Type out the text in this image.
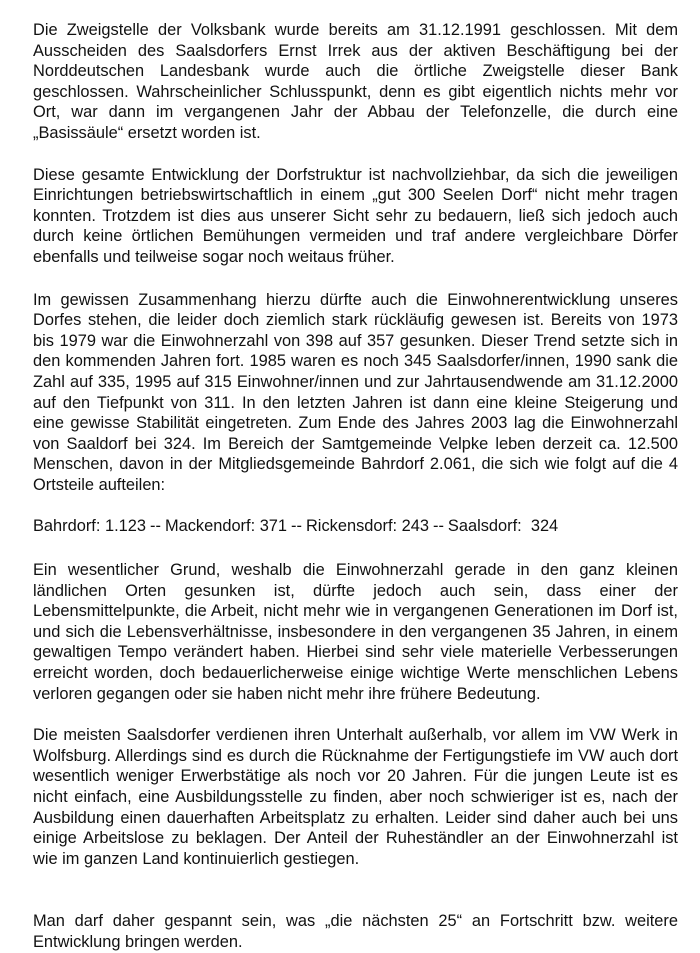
Die Zweigstelle der Volksbank wurde bereits am 31.12.1991 geschlossen. Mit dem Ausscheiden des Saalsdorfers Ernst Irrek aus der aktiven Beschäftigung bei der Norddeutschen Landesbank wurde auch die örtliche Zweigstelle dieser Bank geschlossen. Wahrscheinlicher Schlusspunkt, denn es gibt eigentlich nichts mehr vor Ort, war dann im vergangenen Jahr der Abbau der Telefonzelle, die durch eine „Basissäule“ ersetzt worden ist.

Diese gesamte Entwicklung der Dorfstruktur ist nachvollziehbar, da sich die jeweiligen Einrichtungen betriebswirtschaftlich in einem „gut 300 Seelen Dorf“ nicht mehr tragen konnten. Trotzdem ist dies aus unserer Sicht sehr zu bedauern, ließ sich jedoch auch durch keine örtlichen Bemühungen vermeiden und traf andere vergleichbare Dörfer ebenfalls und teilweise sogar noch weitaus früher.

Im gewissen Zusammenhang hierzu dürfte auch die Einwohnerentwicklung unseres Dorfes stehen, die leider doch ziemlich stark rückläufig gewesen ist. Bereits von 1973 bis 1979 war die Einwohnerzahl von 398 auf 357 gesunken. Dieser Trend setzte sich in den kommenden Jahren fort. 1985 waren es noch 345 Saalsdorfer/innen, 1990 sank die Zahl auf 335, 1995 auf 315 Einwohner/innen und zur Jahrtausendwende am 31.12.2000 auf den Tiefpunkt von 311. In den letzten Jahren ist dann eine kleine Steigerung und eine gewisse Stabilität eingetreten. Zum Ende des Jahres 2003 lag die Einwohnerzahl von Saaldorf bei 324. Im Bereich der Samtgemeinde Velpke leben derzeit ca. 12.500 Menschen, davon in der Mitgliedsgemeinde Bahrdorf 2.061, die sich wie folgt auf die 4 Ortsteile aufteilen:

Bahrdorf: 1.123 -- Mackendorf: 371 -- Rickensdorf: 243 -- Saalsdorf:  324

Ein wesentlicher Grund, weshalb die Einwohnerzahl gerade in den ganz kleinen ländlichen Orten gesunken ist, dürfte jedoch auch sein, dass einer der Lebensmittelpunkte, die Arbeit, nicht mehr wie in vergangenen Generationen im Dorf ist, und sich die Lebensverhältnisse, insbesondere in den vergangenen 35 Jahren, in einem gewaltigen Tempo verändert haben. Hierbei sind sehr viele materielle Verbesserungen erreicht worden, doch bedauerlicherweise einige wichtige Werte menschlichen Lebens verloren gegangen oder sie haben nicht mehr ihre frühere Bedeutung.

Die meisten Saalsdorfer verdienen ihren Unterhalt außerhalb, vor allem im VW Werk in Wolfsburg. Allerdings sind es durch die Rücknahme der Fertigungstiefe im VW auch dort wesentlich weniger Erwerbstätige als noch vor 20 Jahren. Für die jungen Leute ist es nicht einfach, eine Ausbildungsstelle zu finden, aber noch schwieriger ist es, nach der Ausbildung einen dauerhaften Arbeitsplatz zu erhalten. Leider sind daher auch bei uns einige Arbeitslose zu beklagen. Der Anteil der Ruheständler an der Einwohnerzahl ist wie im ganzen Land kontinuierlich gestiegen.

Man darf daher gespannt sein, was „die nächsten 25“ an Fortschritt bzw. weitere Entwicklung bringen werden.
